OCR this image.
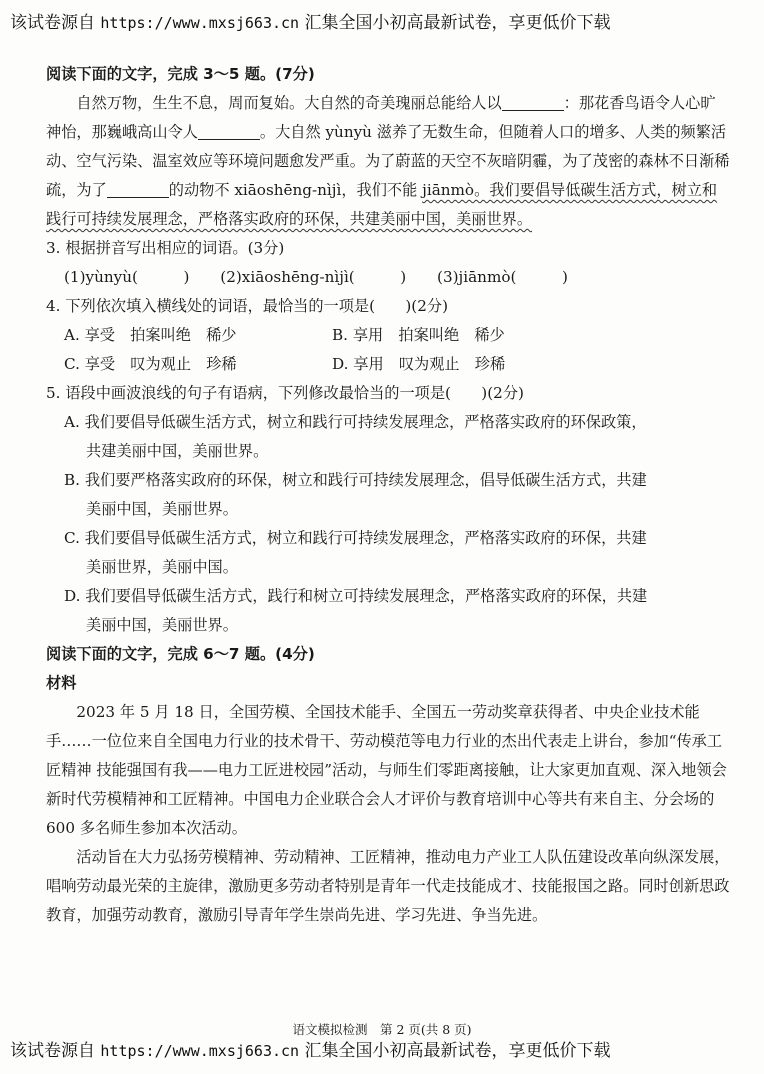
该试卷源自 https://www.mxsj663.cn 汇集全国小初高最新试卷，享更低价下载

阅读下面的文字，完成 3～5 题。(7分)

自然万物，生生不息，周而复始。大自然的奇美瑰丽总能给人以	：那花香鸟语令人心旷神怡，那巍峨高山令人	。大自然 yùnyù 滋养了无数生命，但随着人口的增多、人类的频繁活动、空气污染、温室效应等环境问题愈发严重。为了蔚蓝的天空不灰暗阴霾，为了茂密的森林不日渐稀疏，为了	的动物不 xiāoshēng-nìjì，我们不能 jiānmò。我们要倡导低碳生活方式，树立和践行可持续发展理念，严格落实政府的环保，共建美丽中国，美丽世界。

3. 根据拼音写出相应的词语。(3分)

(1)yùnyù(　　　) (2)xiāoshēng-nìjì(　　　) (3)jiānmò(　　　)

4. 下列依次填入横线处的词语，最恰当的一项是(　　)(2分)

A. 享受　拍案叫绝　稀少	B. 享用　拍案叫绝　稀少
C. 享受　叹为观止　珍稀	D. 享用　叹为观止　珍稀

5. 语段中画波浪线的句子有语病，下列修改最恰当的一项是(　　)(2分)

A. 我们要倡导低碳生活方式，树立和践行可持续发展理念，严格落实政府的环保政策，
共建美丽中国，美丽世界。
B. 我们要严格落实政府的环保，树立和践行可持续发展理念，倡导低碳生活方式，共建
美丽中国，美丽世界。
C. 我们要倡导低碳生活方式，树立和践行可持续发展理念，严格落实政府的环保，共建
美丽世界，美丽中国。
D. 我们要倡导低碳生活方式，践行和树立可持续发展理念，严格落实政府的环保，共建
美丽中国，美丽世界。

阅读下面的文字，完成 6～7 题。(4分)

材料

2023 年 5 月 18 日，全国劳模、全国技术能手、全国五一劳动奖章获得者、中央企业技术能手……一位位来自全国电力行业的技术骨干、劳动模范等电力行业的杰出代表走上讲台，参加“传承工匠精神 技能强国有我——电力工匠进校园”活动，与师生们零距离接触，让大家更加直观、深入地领会新时代劳模精神和工匠精神。中国电力企业联合会人才评价与教育培训中心等共有来自主、分会场的 600 多名师生参加本次活动。

活动旨在大力弘扬劳模精神、劳动精神、工匠精神，推动电力产业工人队伍建设改革向纵深发展，唱响劳动最光荣的主旋律，激励更多劳动者特别是青年一代走技能成才、技能报国之路。同时创新思政教育，加强劳动教育，激励引导青年学生崇尚先进、学习先进、争当先进。

语文模拟检测　第 2 页(共 8 页)
该试卷源自 https://www.mxsj663.cn 汇集全国小初高最新试卷，享更低价下载
